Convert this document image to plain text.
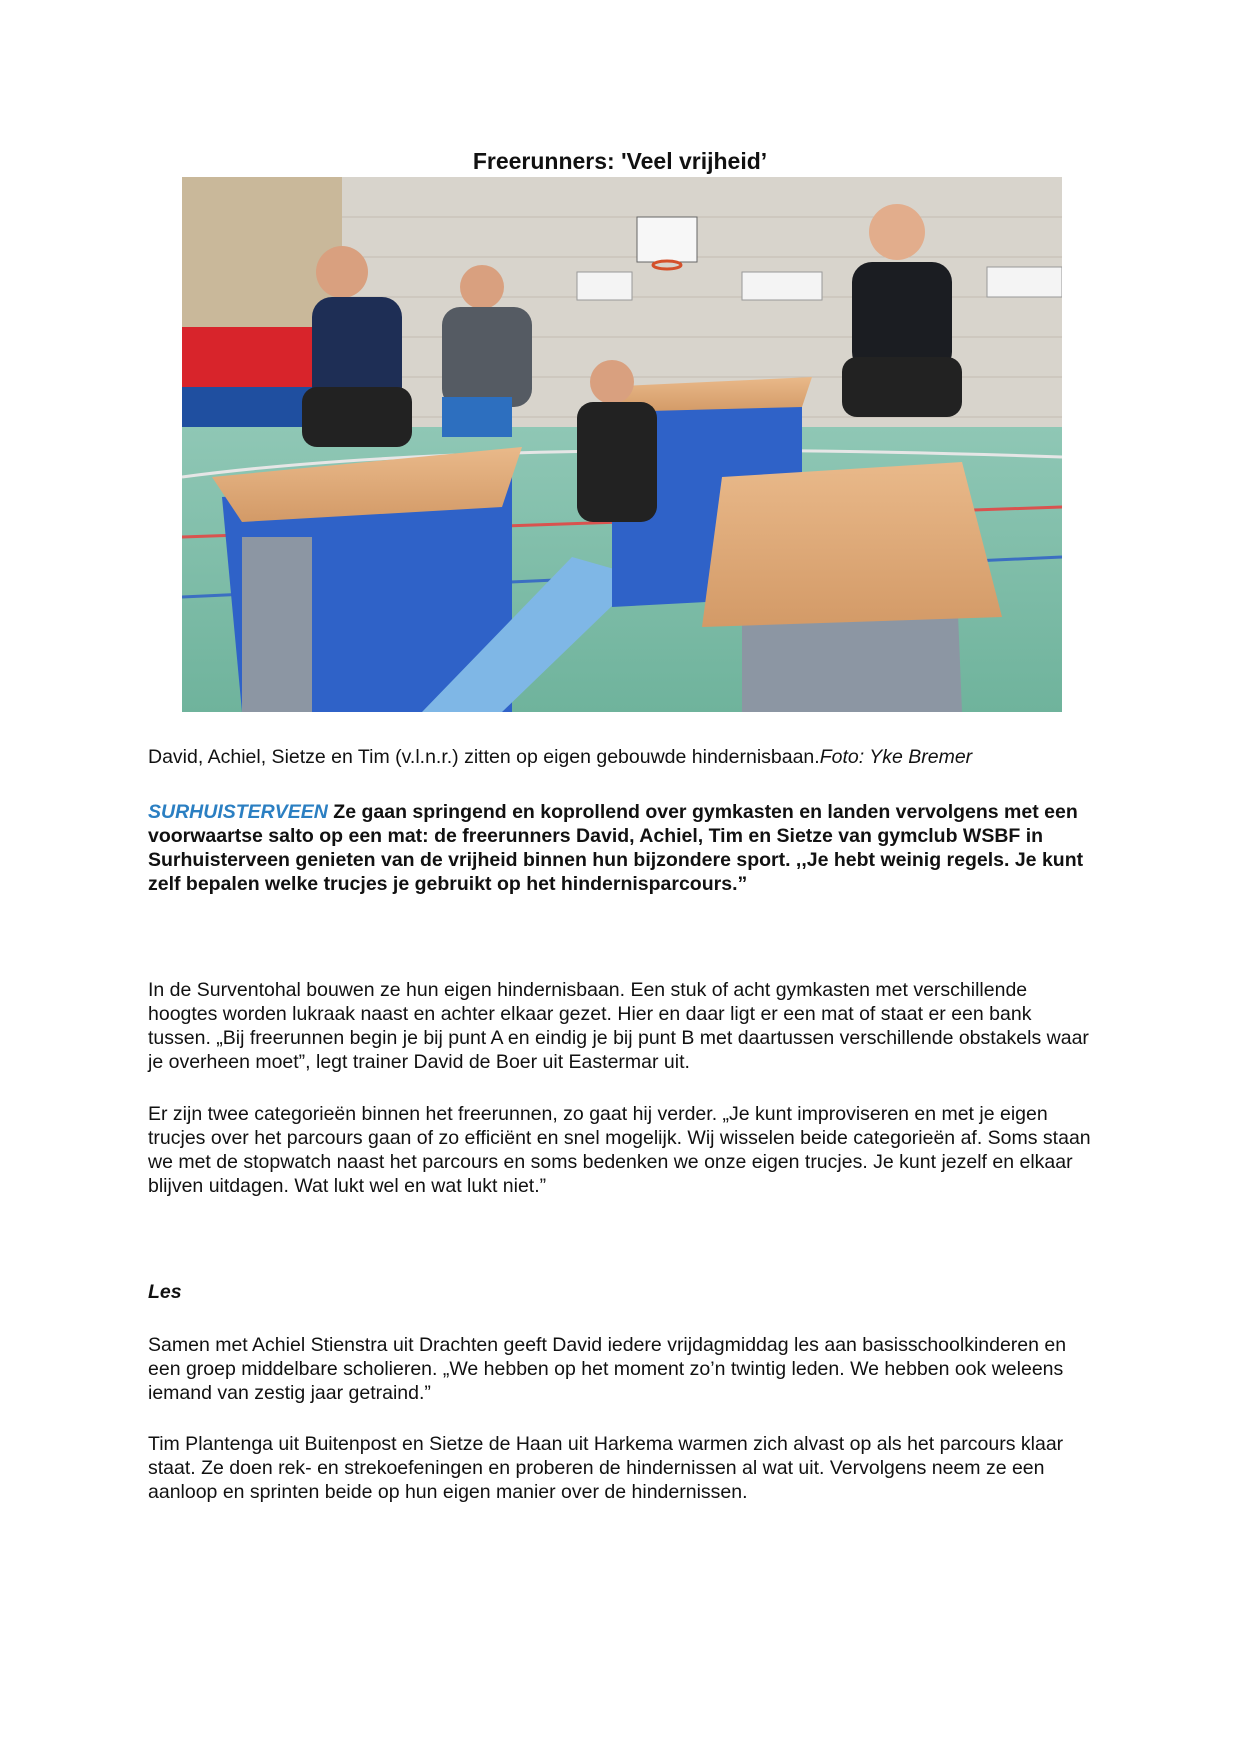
Freerunners: 'Veel vrijheid’

David, Achiel, Sietze en Tim (v.l.n.r.) zitten op eigen gebouwde hindernisbaan.Foto: Yke Bremer

SURHUISTERVEEN Ze gaan springend en koprollend over gymkasten en landen vervolgens met een voorwaartse salto op een mat: de freerunners David, Achiel, Tim en Sietze van gymclub WSBF in Surhuisterveen genieten van de vrijheid binnen hun bijzondere sport. ,,Je hebt weinig regels. Je kunt zelf bepalen welke trucjes je gebruikt op het hindernisparcours.”

In de Surventohal bouwen ze hun eigen hindernisbaan. Een stuk of acht gymkasten met verschillende hoogtes worden lukraak naast en achter elkaar gezet. Hier en daar ligt er een mat of staat er een bank tussen. „Bij freerunnen begin je bij punt A en eindig je bij punt B met daartussen verschillende obstakels waar je overheen moet”, legt trainer David de Boer uit Eastermar uit.

Er zijn twee categorieën binnen het freerunnen, zo gaat hij verder. „Je kunt improviseren en met je eigen trucjes over het parcours gaan of zo efficiënt en snel mogelijk. Wij wisselen beide categorieën af. Soms staan we met de stopwatch naast het parcours en soms bedenken we onze eigen trucjes. Je kunt jezelf en elkaar blijven uitdagen. Wat lukt wel en wat lukt niet.”

Les

Samen met Achiel Stienstra uit Drachten geeft David iedere vrijdagmiddag les aan basisschoolkinderen en een groep middelbare scholieren. „We hebben op het moment zo’n twintig leden. We hebben ook weleens iemand van zestig jaar getraind.”

Tim Plantenga uit Buitenpost en Sietze de Haan uit Harkema warmen zich alvast op als het parcours klaar staat. Ze doen rek- en strekoefeningen en proberen de hindernissen al wat uit. Vervolgens neem ze een aanloop en sprinten beide op hun eigen manier over de hindernissen.
